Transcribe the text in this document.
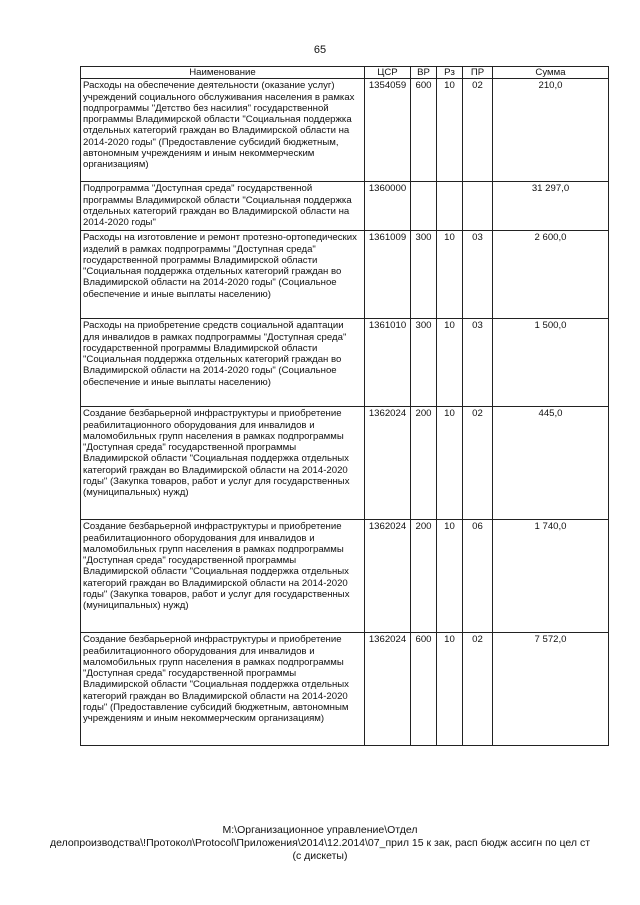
65
Наименование	ЦСР	ВР	Рз	ПР	Сумма
Расходы на обеспечение деятельности (оказание услуг) учреждений социального обслуживания населения в рамках подпрограммы "Детство без насилия" государственной программы Владимирской области "Социальная поддержка отдельных категорий граждан во Владимирской области на 2014-2020 годы" (Предоставление субсидий бюджетным, автономным учреждениям и иным некоммерческим организациям)	1354059	600	10	02	210,0
Подпрограмма "Доступная среда" государственной программы Владимирской области "Социальная поддержка отдельных категорий граждан во Владимирской области на 2014-2020 годы"	1360000				31 297,0
Расходы на изготовление и ремонт протезно-ортопедических изделий в рамках подпрограммы "Доступная среда" государственной программы Владимирской области "Социальная поддержка отдельных категорий граждан во Владимирской области на 2014-2020 годы" (Социальное обеспечение и иные выплаты населению)	1361009	300	10	03	2 600,0
Расходы на приобретение средств социальной адаптации для инвалидов в рамках подпрограммы "Доступная среда" государственной программы Владимирской области "Социальная поддержка отдельных категорий граждан во Владимирской области на 2014-2020 годы" (Социальное обеспечение и иные выплаты населению)	1361010	300	10	03	1 500,0
Создание безбарьерной инфраструктуры и приобретение реабилитационного оборудования для инвалидов и маломобильных групп населения в рамках подпрограммы "Доступная среда" государственной программы Владимирской области "Социальная поддержка отдельных категорий граждан во Владимирской области на 2014-2020 годы" (Закупка товаров, работ и услуг для государственных (муниципальных) нужд)	1362024	200	10	02	445,0
Создание безбарьерной инфраструктуры и приобретение реабилитационного оборудования для инвалидов и маломобильных групп населения в рамках подпрограммы "Доступная среда" государственной программы Владимирской области "Социальная поддержка отдельных категорий граждан во Владимирской области на 2014-2020 годы" (Закупка товаров, работ и услуг для государственных (муниципальных) нужд)	1362024	200	10	06	1 740,0
Создание безбарьерной инфраструктуры и приобретение реабилитационного оборудования для инвалидов и маломобильных групп населения в рамках подпрограммы "Доступная среда" государственной программы Владимирской области "Социальная поддержка отдельных категорий граждан во Владимирской области на 2014-2020 годы" (Предоставление субсидий бюджетным, автономным учреждениям и иным некоммерческим организациям)	1362024	600	10	02	7 572,0
M:\Организационное управление\Отдел
делопроизводства\!Протокол\Protocol\Приложения\2014\12.2014\07_прил 15 к зак, расп бюдж ассигн по цел ст
(с дискеты)
